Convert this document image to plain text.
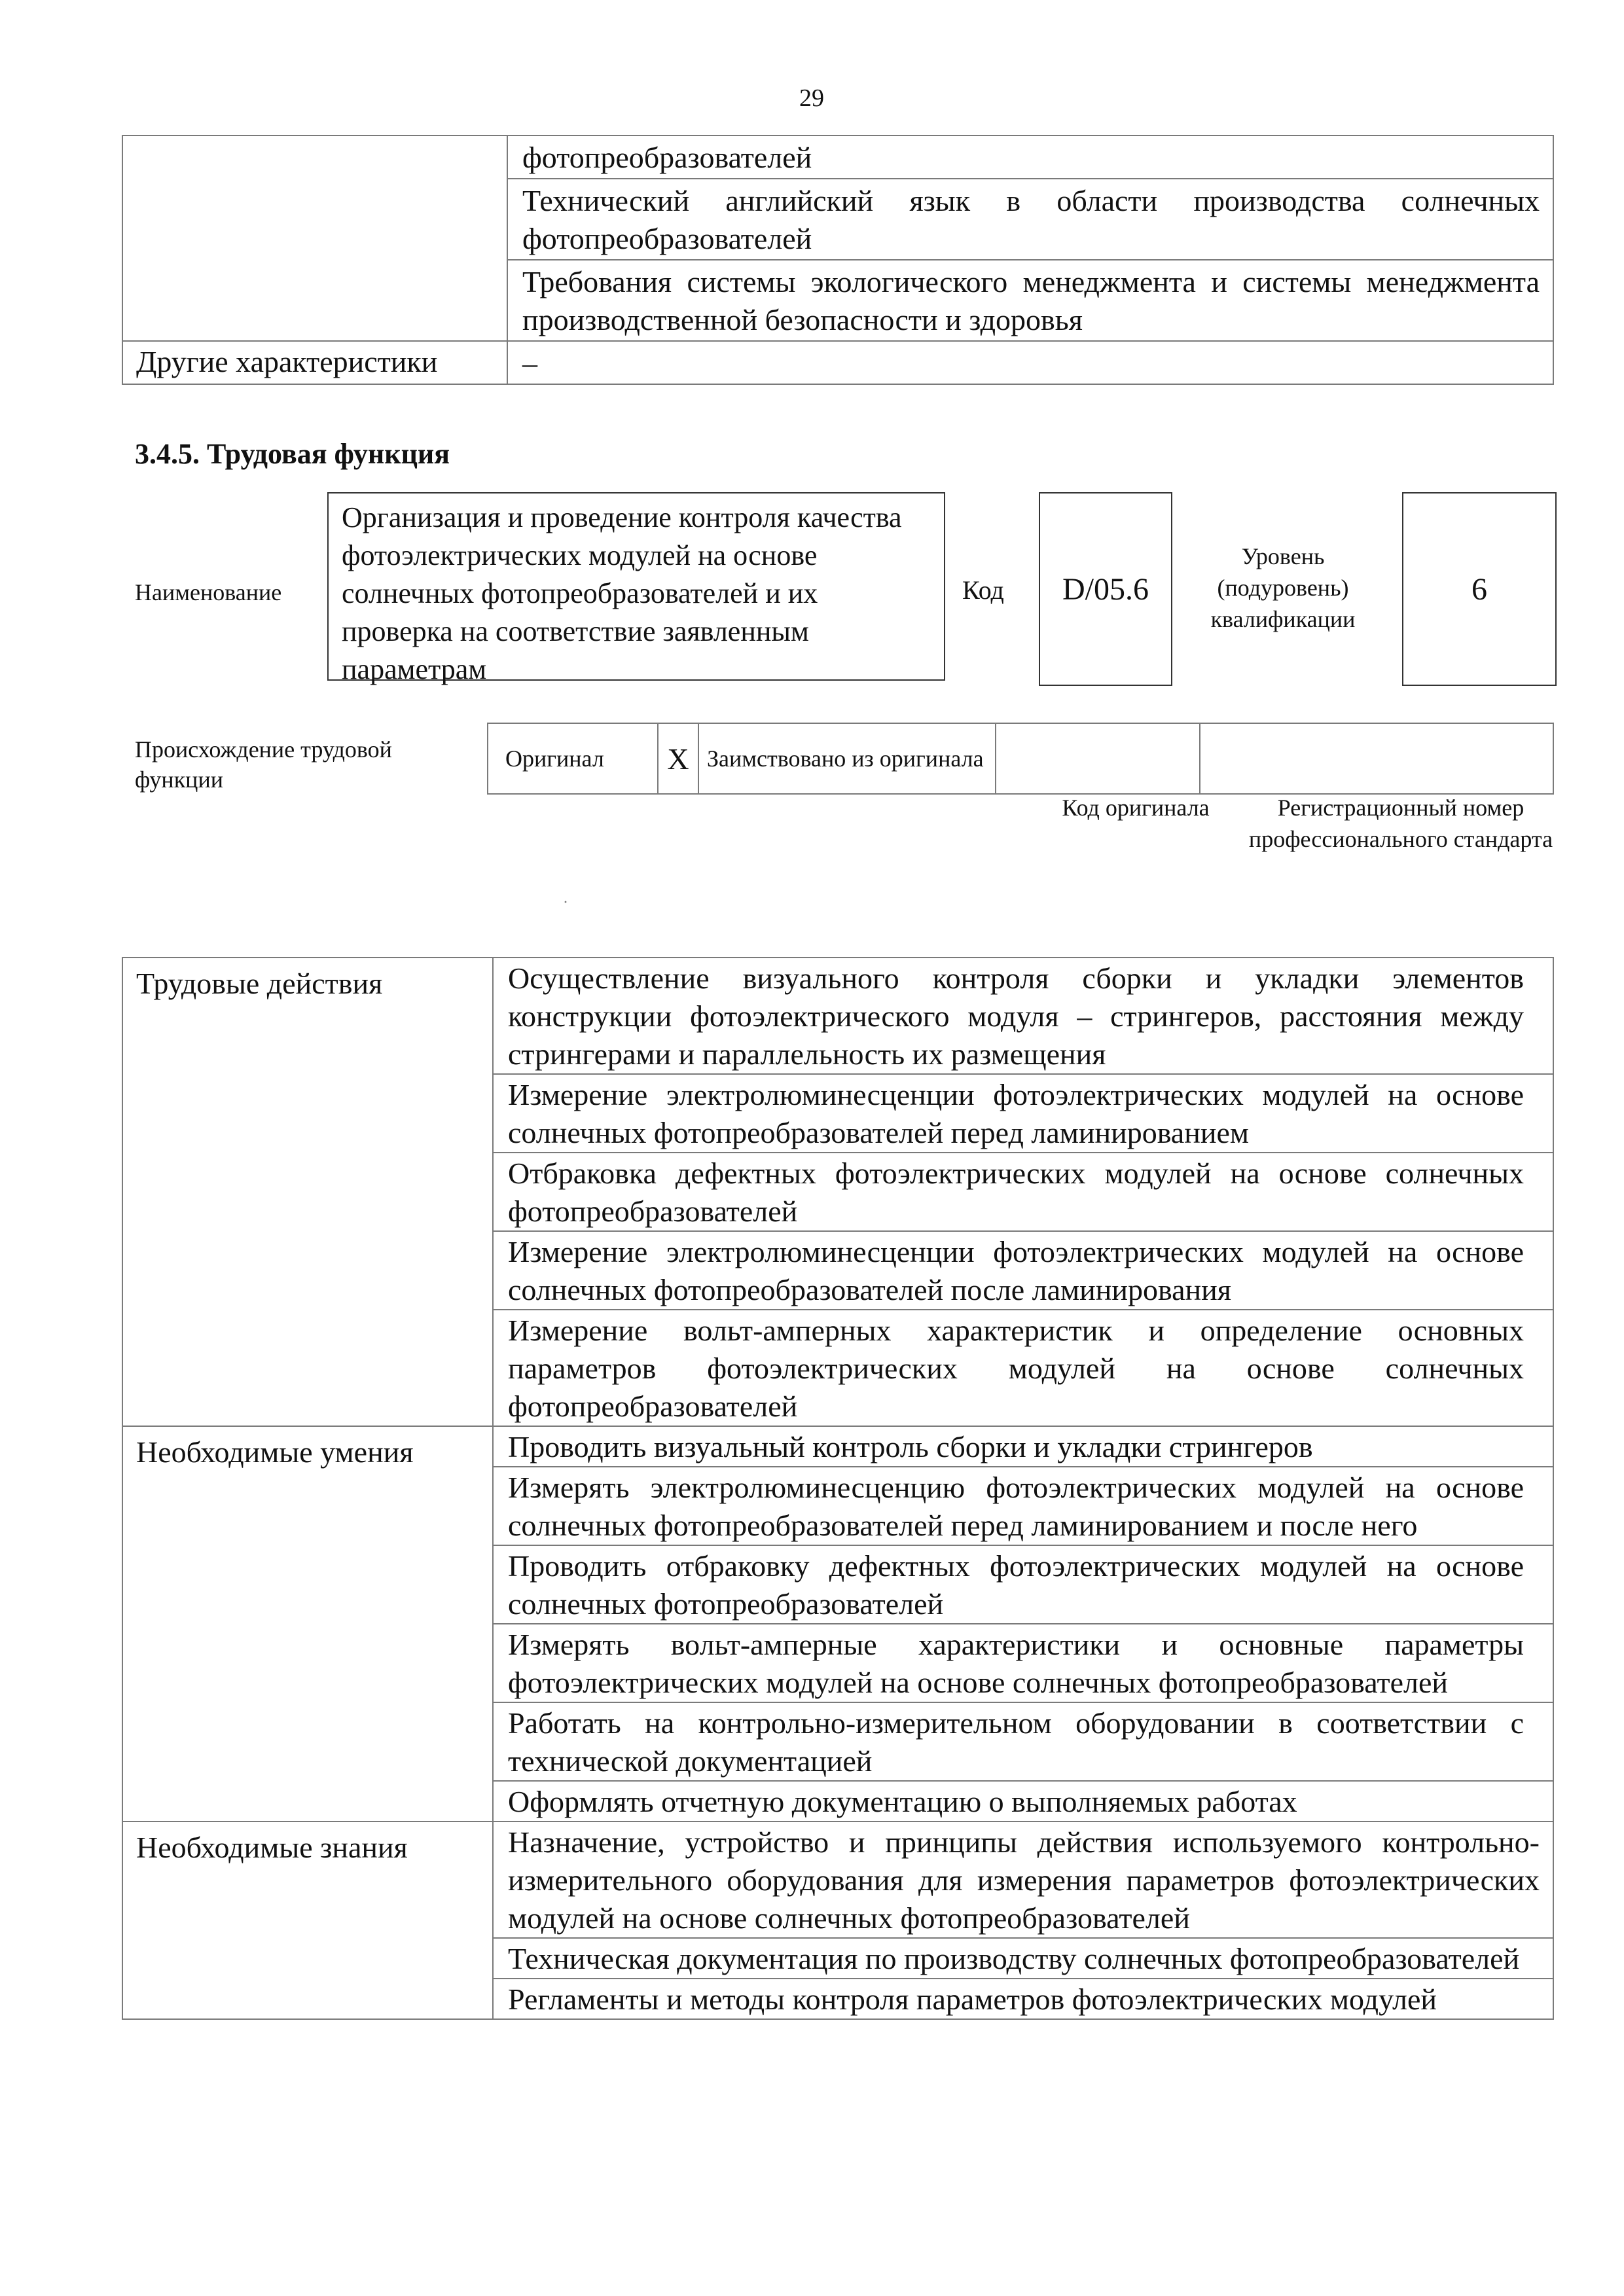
29
	фотопреобразователей
	Технический английский язык в области производства солнечных фотопреобразователей
	Требования системы экологического менеджмента и системы менеджмента производственной безопасности и здоровья
Другие характеристики	–
3.4.5. Трудовая функция
Наименование
Организация и проведение контроля качества фотоэлектрических модулей на основе солнечных фотопреобразователей и их проверка на соответствие заявленным параметрам
Код D/05.6
Уровень (подуровень) квалификации
6
Происхождение трудовой функции
Оригинал	X	Заимствовано из оригинала		
Код оригинала	Регистрационный номер профессионального стандарта
·
Трудовые действия	Осуществление визуального контроля сборки и укладки элементов конструкции фотоэлектрического модуля – стрингеров, расстояния между стрингерами и параллельность их размещения
	Измерение электролюминесценции фотоэлектрических модулей на основе солнечных фотопреобразователей перед ламинированием
	Отбраковка дефектных фотоэлектрических модулей на основе солнечных фотопреобразователей
	Измерение электролюминесценции фотоэлектрических модулей на основе солнечных фотопреобразователей после ламинирования
	Измерение вольт-амперных характеристик и определение основных параметров фотоэлектрических модулей на основе солнечных фотопреобразователей
Необходимые умения	Проводить визуальный контроль сборки и укладки стрингеров
	Измерять электролюминесценцию фотоэлектрических модулей на основе солнечных фотопреобразователей перед ламинированием и после него
	Проводить отбраковку дефектных фотоэлектрических модулей на основе солнечных фотопреобразователей
	Измерять вольт-амперные характеристики и основные параметры фотоэлектрических модулей на основе солнечных фотопреобразователей
	Работать на контрольно-измерительном оборудовании в соответствии с технической документацией
	Оформлять отчетную документацию о выполняемых работах
Необходимые знания	Назначение, устройство и принципы действия используемого контрольно-измерительного оборудования для измерения параметров фотоэлектрических модулей на основе солнечных фотопреобразователей
	Техническая документация по производству солнечных фотопреобразователей
	Регламенты и методы контроля параметров фотоэлектрических модулей
